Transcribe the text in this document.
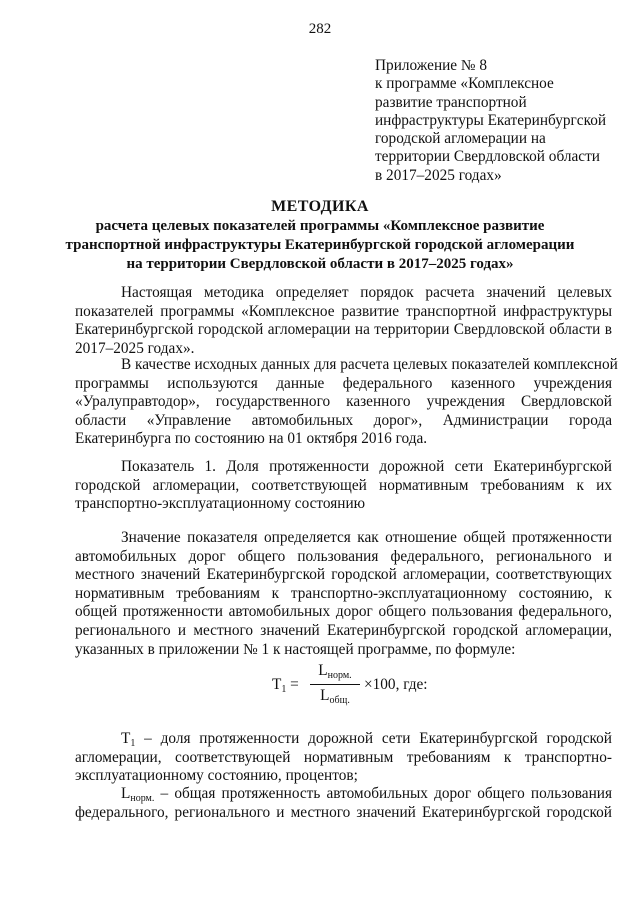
282
Приложение № 8
к программе «Комплексное
развитие транспортной
инфраструктуры Екатеринбургской
городской агломерации на
территории Свердловской области
в 2017–2025 годах»
МЕТОДИКА
расчета целевых показателей программы «Комплексное развитие
транспортной инфраструктуры Екатеринбургской городской агломерации
на территории Свердловской области в 2017–2025 годах»
Настоящая методика определяет порядок расчета значений целевых
показателей программы «Комплексное развитие транспортной инфраструктуры
Екатеринбургской городской агломерации на территории Свердловской области в
2017–2025 годах».
В качестве исходных данных для расчета целевых показателей комплексной
программы используются данные федерального казенного учреждения
«Уралуправтодор», государственного казенного учреждения Свердловской
области «Управление автомобильных дорог», Администрации города
Екатеринбурга по состоянию на 01 октября 2016 года.
Показатель 1. Доля протяженности дорожной сети Екатеринбургской
городской агломерации, соответствующей нормативным требованиям к их
транспортно-эксплуатационному состоянию
Значение показателя определяется как отношение общей протяженности
автомобильных дорог общего пользования федерального, регионального и
местного значений Екатеринбургской городской агломерации, соответствующих
нормативным требованиям к транспортно-эксплуатационному состоянию, к
общей протяженности автомобильных дорог общего пользования федерального,
регионального и местного значений Екатеринбургской городской агломерации,
указанных в приложении № 1 к настоящей программе, по формуле:
$T_1$ =
$L_{норм.}$
$L_{общ.}$
×100, где:
$T_1$ – доля протяженности дорожной сети Екатеринбургской городской
агломерации, соответствующей нормативным требованиям к транспортно-
эксплуатационному состоянию, процентов;
$L_{норм.}$ – общая протяженность автомобильных дорог общего пользования
федерального, регионального и местного значений Екатеринбургской городской
